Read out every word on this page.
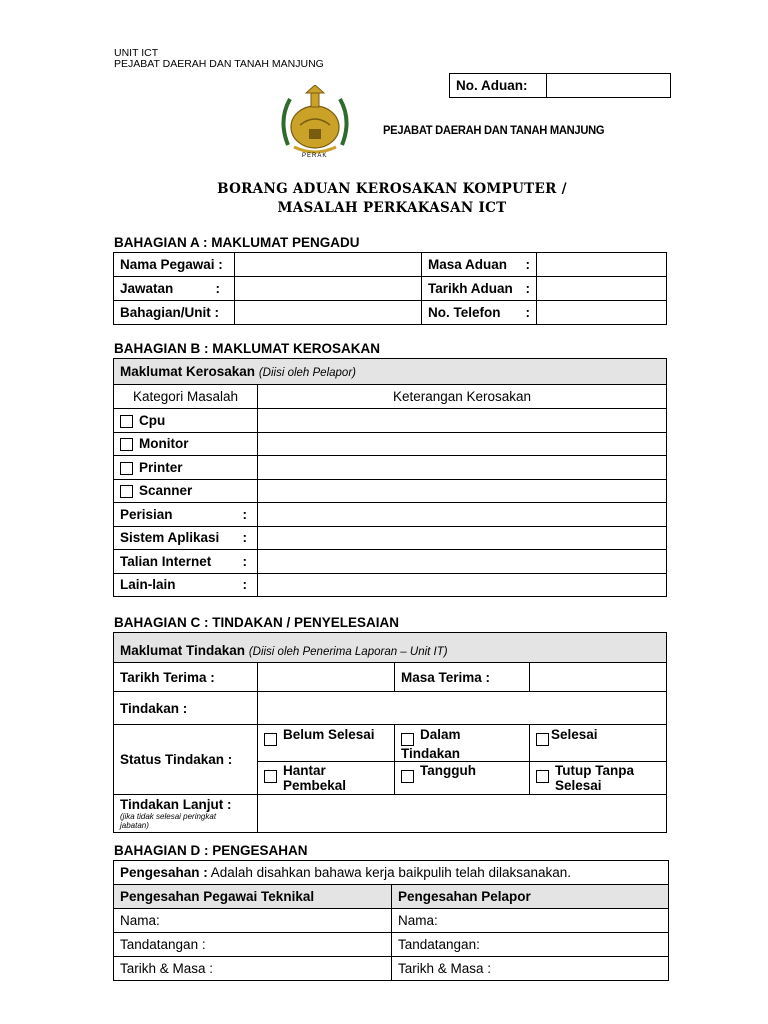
UNIT ICT
PEJABAT DAERAH DAN TANAH MANJUNG
No. Aduan:	
PERAK
PEJABAT DAERAH DAN TANAH MANJUNG
BORANG ADUAN KEROSAKAN KOMPUTER /
MASALAH PERKAKASAN ICT
BAHAGIAN A : MAKLUMAT PENGADU
Nama Pegawai :		Masa Aduan :	

Jawatan :		Tarikh Aduan :	

Bahagian/Unit :		No. Telefon :	

BAHAGIAN B : MAKLUMAT KEROSAKAN
Maklumat Kerosakan (Diisi oleh Pelapor)	
Kategori Masalah	Keterangan Kerosakan
Cpu	
Monitor	
Printer	
Scanner	
Perisian :	

Sistem Aplikasi :	

Talian Internet :	

Lain-lain :	

BAHAGIAN C : TINDAKAN / PENYELESAIAN
Maklumat Tindakan (Diisi oleh Penerima Laporan – Unit IT)			
Tarikh Terima :		Masa Terima :	
Tindakan :			
Status Tindakan :	Belum Selesai	Dalam Tindakan	Selesai

	Hantar Pembekal	Tangguh	Tutup Tanpa Selesai

Tindakan Lanjut :
(jika tidak selesai peringkat jabatan)			

BAHAGIAN D : PENGESAHAN
Pengesahan : Adalah disahkan bahawa kerja baikpulih telah dilaksanakan.	
Pengesahan Pegawai Teknikal	Pengesahan Pelapor
Nama:	Nama:
Tandatangan :	Tandatangan:
Tarikh & Masa :	Tarikh & Masa :
